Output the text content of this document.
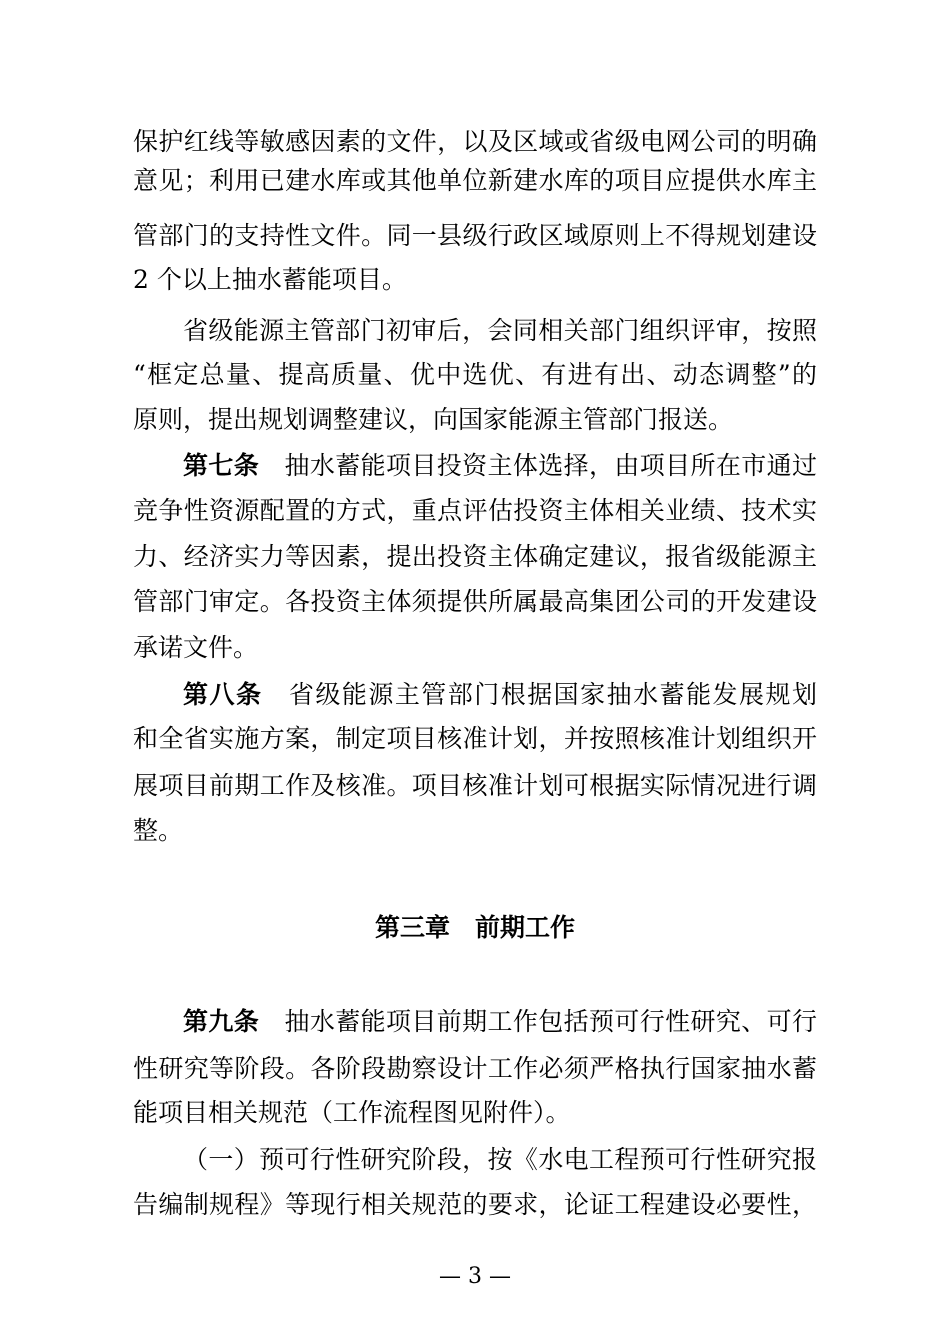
保护红线等敏感因素的文件，以及区域或省级电网公司的明确
意见；利用已建水库或其他单位新建水库的项目应提供水库主
管部门的支持性文件。同一县级行政区域原则上不得规划建设
2 个以上抽水蓄能项目。
省级能源主管部门初审后，会同相关部门组织评审，按照
“框定总量、提高质量、优中选优、有进有出、动态调整”的
原则，提出规划调整建议，向国家能源主管部门报送。
第七条　 抽水蓄能项目投资主体选择，由项目所在市通过
竞争性资源配置的方式，重点评估投资主体相关业绩、技术实
力、经济实力等因素，提出投资主体确定建议，报省级能源主
管部门审定。各投资主体须提供所属最高集团公司的开发建设
承诺文件。
第八条　 省级能源主管部门根据国家抽水蓄能发展规划
和全省实施方案，制定项目核准计划，并按照核准计划组织开
展项目前期工作及核准。项目核准计划可根据实际情况进行调
整。
第三章　前期工作
第九条　 抽水蓄能项目前期工作包括预可行性研究、可行
性研究等阶段。各阶段勘察设计工作必须严格执行国家抽水蓄
能项目相关规范（工作流程图见附件）。
（一）预可行性研究阶段，按《水电工程预可行性研究报
告编制规程》等现行相关规范的要求，论证工程建设必要性，
— 3 —
